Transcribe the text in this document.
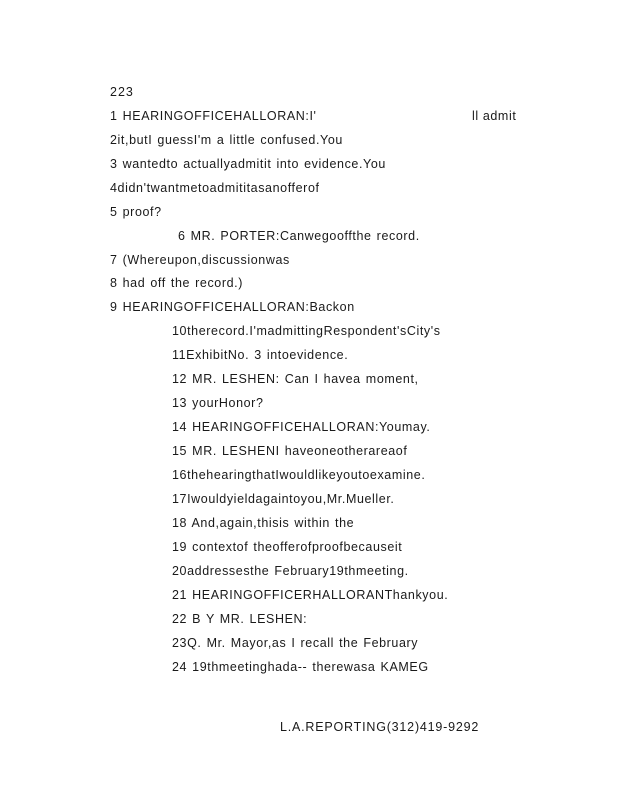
223
1 HEARINGOFFICEHALLORAN:I'	ll admit
2it,butI guessI'm a little confused.You
3 wantedto actuallyadmitit into evidence.You
4didn'twantmetoadmititasanofferof
5 proof?
6 MR. PORTER:Canwegooffthe record.
7 (Whereupon,discussionwas
8 had off the record.)
9 HEARINGOFFICEHALLORAN:Backon
10therecord.I'madmittingRespondent'sCity's
11ExhibitNo. 3 intoevidence.
12 MR. LESHEN: Can I havea moment,
13 yourHonor?
14 HEARINGOFFICEHALLORAN:Youmay.
15 MR. LESHENI haveoneotherareaof
16thehearingthatIwouldlikeyoutoexamine.
17Iwouldyieldagaintoyou,Mr.Mueller.
18 And,again,thisis within the
19 contextof theofferofproofbecauseit
20addressesthe February19thmeeting.
21 HEARINGOFFICERHALLORANThankyou.
22 B Y MR. LESHEN:
23Q. Mr. Mayor,as I recall the February
24 19thmeetinghada-- therewasa KAMEG
L.A.REPORTING(312)419-9292
